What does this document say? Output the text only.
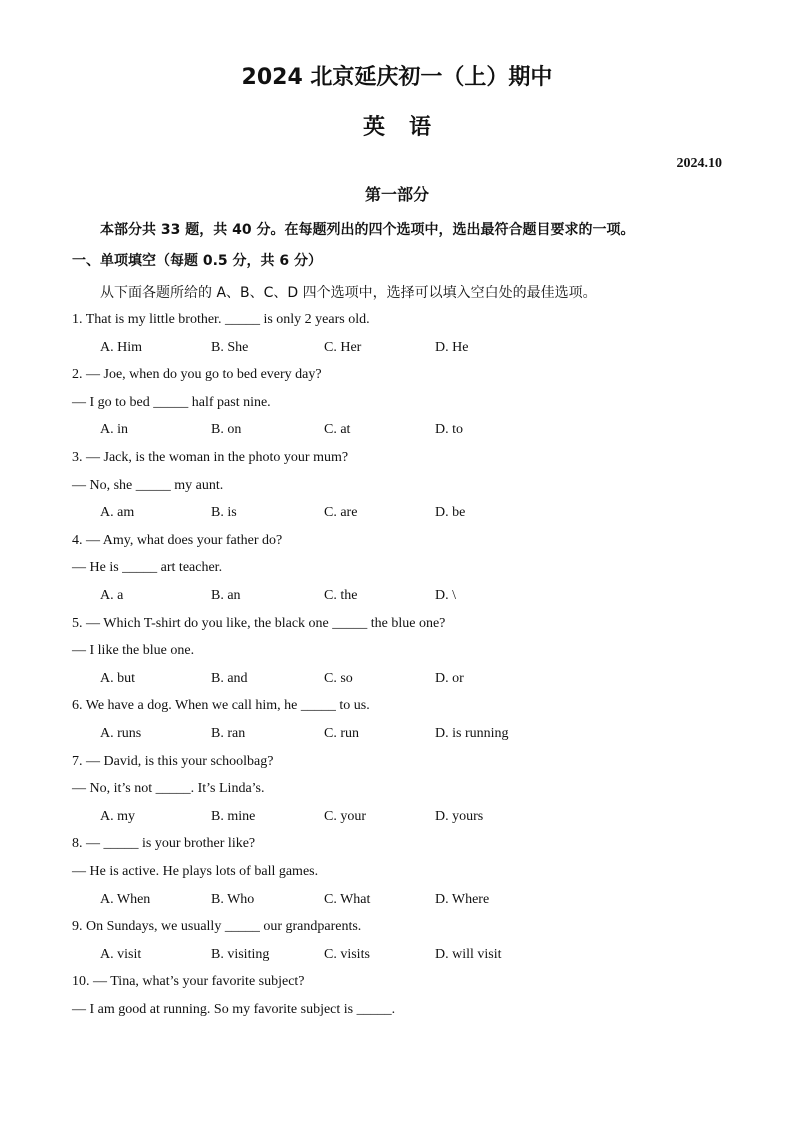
2024 北京延庆初一（上）期中
英语
2024.10
第一部分
本部分共 33 题，共 40 分。在每题列出的四个选项中，选出最符合题目要求的一项。
一、单项填空（每题 0.5 分，共 6 分）
从下面各题所给的 A、B、C、D 四个选项中，选择可以填入空白处的最佳选项。
1. That is my little brother. _____ is only 2 years old.
A. Him	B. She	C. Her	D. He
2. — Joe, when do you go to bed every day?
— I go to bed _____ half past nine.
A. in	B. on	C. at	D. to
3. — Jack, is the woman in the photo your mum?
— No, she _____ my aunt.
A. am	B. is	C. are	D. be
4. — Amy, what does your father do?
— He is _____ art teacher.
A. a	B. an	C. the	D. \
5. — Which T-shirt do you like, the black one _____ the blue one?
— I like the blue one.
A. but	B. and	C. so	D. or
6. We have a dog. When we call him, he _____ to us.
A. runs	B. ran	C. run	D. is running
7. — David, is this your schoolbag?
— No, it’s not _____. It’s Linda’s.
A. my	B. mine	C. your	D. yours
8. — _____ is your brother like?
— He is active. He plays lots of ball games.
A. When	B. Who	C. What	D. Where
9. On Sundays, we usually _____ our grandparents.
A. visit	B. visiting	C. visits	D. will visit
10. — Tina, what’s your favorite subject?
— I am good at running. So my favorite subject is _____.
